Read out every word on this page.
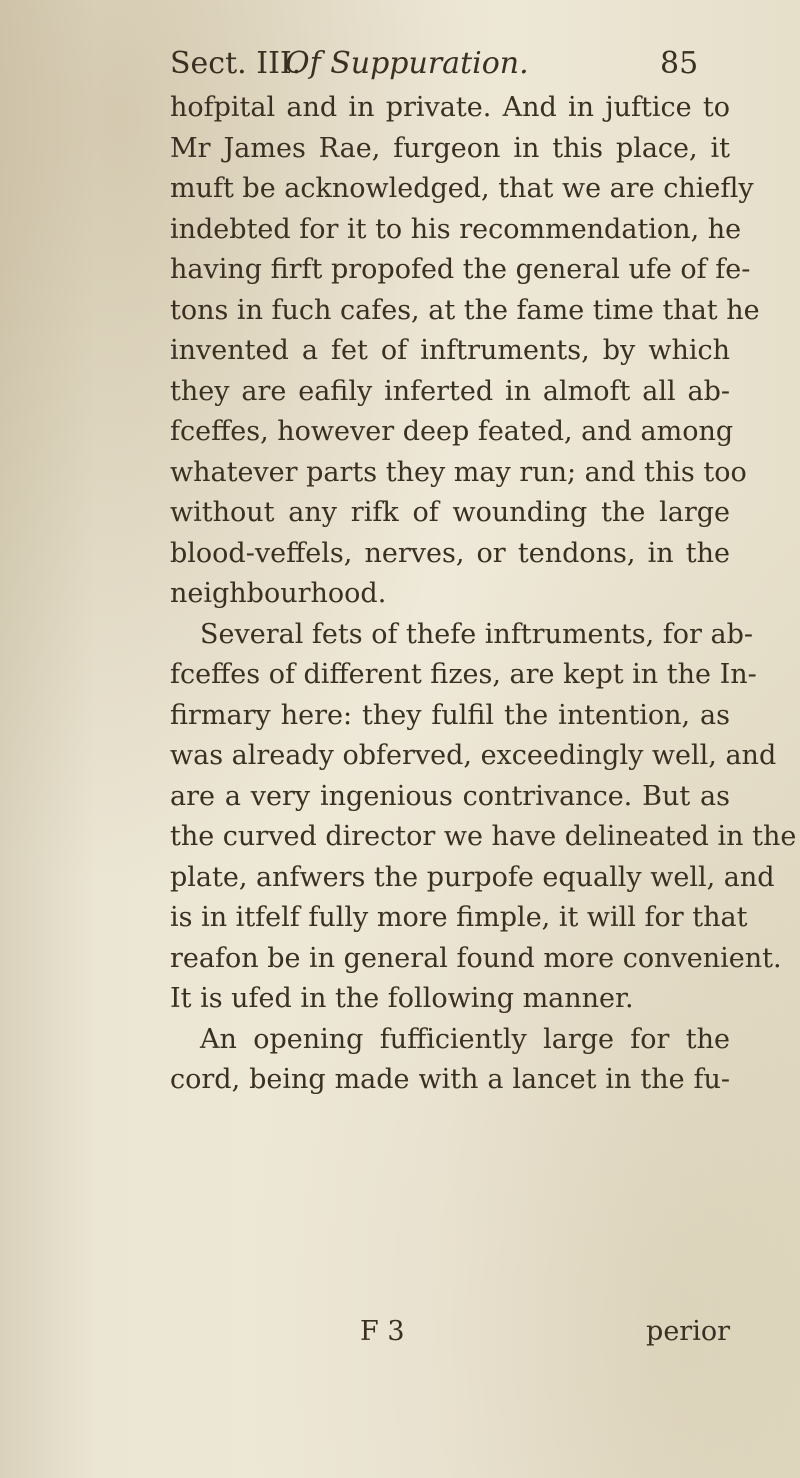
Sect. III.
Of Suppuration.	85
hofpital and in private. And in juftice to
Mr James Rae, furgeon in this place, it
muft be acknowledged, that we are chiefly
indebted for it to his recommendation, he
having firft propofed the general ufe of fe-
tons in fuch cafes, at the fame time that he
invented a fet of inftruments, by which
they are eafily inferted in almoft all ab-
fceffes, however deep feated, and among
whatever parts they may run; and this too
without any rifk of wounding the large
blood-veffels, nerves, or tendons, in the
neighbourhood.
Several fets of thefe inftruments, for ab-
fceffes of different fizes, are kept in the In-
firmary here: they fulfil the intention, as
was already obferved, exceedingly well, and
are a very ingenious contrivance. But as
the curved director we have delineated in the
plate, anfwers the purpofe equally well, and
is in itfelf fully more fimple, it will for that
reafon be in general found more convenient.
It is ufed in the following manner.
An opening fufficiently large for the
cord, being made with a lancet in the fu-
F 3	perior
